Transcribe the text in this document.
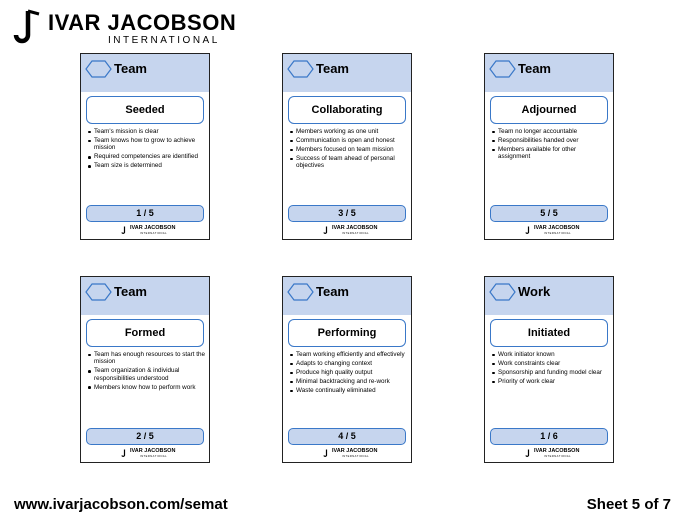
IVAR JACOBSON
INTERNATIONAL
Team
Seeded
Team's mission is clear
Team knows how to grow to achieve mission
Required competencies are identified
Team size is determined
1 / 5
IVAR JACOBSON
INTERNATIONAL
Team
Collaborating
Members working as one unit
Communication is open and honest
Members focused on team mission
Success of team ahead of personal objectives
3 / 5
IVAR JACOBSON
INTERNATIONAL
Team
Adjourned
Team no longer accountable
Responsibilities handed over
Members available for other assignment
5 / 5
IVAR JACOBSON
INTERNATIONAL
Team
Formed
Team has enough resources to start the mission
Team organization & individual responsibilities understood
Members know how to perform work
2 / 5
IVAR JACOBSON
INTERNATIONAL
Team
Performing
Team working efficiently and effectively
Adapts to changing context
Produce high quality output
Minimal backtracking and re-work
Waste continually eliminated
4 / 5
IVAR JACOBSON
INTERNATIONAL
Work
Initiated
Work initiator known
Work constraints clear
Sponsorship and funding model clear
Priority of work clear
1 / 6
IVAR JACOBSON
INTERNATIONAL
www.ivarjacobson.com/semat	Sheet 5 of 7
